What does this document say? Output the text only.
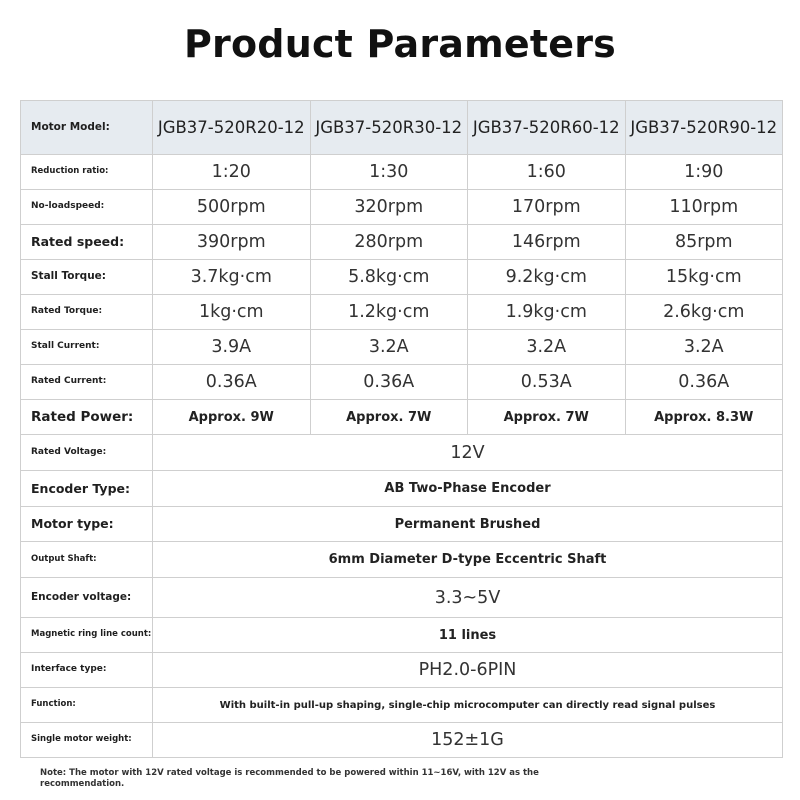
Product Parameters
Motor Model:	JGB37-520R20-12	JGB37-520R30-12	JGB37-520R60-12	JGB37-520R90-12
Reduction ratio:	1:20	1:30	1:60	1:90
No-loadspeed:	500rpm	320rpm	170rpm	110rpm
Rated speed:	390rpm	280rpm	146rpm	85rpm
Stall Torque:	3.7kg·cm	5.8kg·cm	9.2kg·cm	15kg·cm
Rated Torque:	1kg·cm	1.2kg·cm	1.9kg·cm	2.6kg·cm
Stall Current:	3.9A	3.2A	3.2A	3.2A
Rated Current:	0.36A	0.36A	0.53A	0.36A
Rated Power:	Approx. 9W	Approx. 7W	Approx. 7W	Approx. 8.3W
Rated Voltage:	12V			
Encoder Type:	AB Two-Phase Encoder			
Motor type:	Permanent Brushed			
Output Shaft:	6mm Diameter D-type Eccentric Shaft			
Encoder voltage:	3.3~5V			
Magnetic ring line count:	11 lines			
Interface type:	PH2.0-6PIN			
Function:	With built-in pull-up shaping, single-chip microcomputer can directly read signal pulses			
Single motor weight:	152±1G			
Note: The motor with 12V rated voltage is recommended to be powered within 11~16V, with 12V as the recommendation.
